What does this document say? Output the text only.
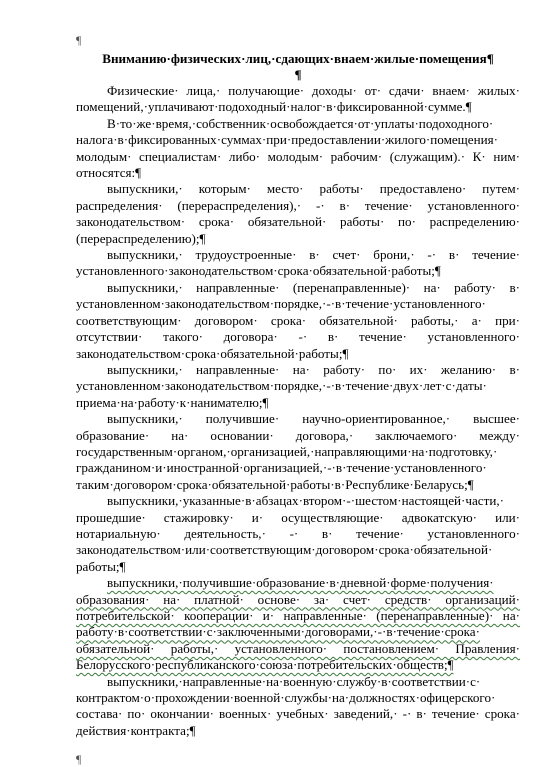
¶

Вниманию·физических·лиц,·сдающих·внаем·жилые·помещения¶

¶

Физические· лица,· получающие· доходы· от· сдачи· внаем· жилых· помещений,·уплачивают·подоходный·налог·в·фиксированной·сумме.¶

В·то·же·время,·собственник·освобождается·от·уплаты·подоходного· налога·в·фиксированных·суммах·при·предоставлении·жилого·помещения· молодым· специалистам· либо· молодым· рабочим· (служащим).· К· ним· относятся:¶

выпускники,· которым· место· работы· предоставлено· путем· распределения· (перераспределения),· -· в· течение· установленного· законодательством· срока· обязательной· работы· по· распределению· (перераспределению);¶

выпускники,· трудоустроенные· в· счет· брони,· -· в· течение· установленного·законодательством·срока·обязательной·работы;¶

выпускники,· направленные· (перенаправленные)· на· работу· в· установленном·законодательством·порядке,·-·в·течение·установленного· соответствующим· договором· срока· обязательной· работы,· а· при· отсутствии· такого· договора· -· в· течение· установленного· законодательством·срока·обязательной·работы;¶

выпускники,· направленные· на· работу· по· их· желанию· в· установленном·законодательством·порядке,·-·в·течение·двух·лет·с·даты· приема·на·работу·к·нанимателю;¶

выпускники,· получившие· научно-ориентированное,· высшее· образование· на· основании· договора,· заключаемого· между· государственным·органом,·организацией,·направляющими·на·подготовку,· гражданином·и·иностранной·организацией,·-·в·течение·установленного· таким·договором·срока·обязательной·работы·в·Республике·Беларусь;¶

выпускники,·указанные·в·абзацах·втором·-·шестом·настоящей·части,· прошедшие· стажировку· и· осуществляющие· адвокатскую· или· нотариальную· деятельность,· -· в· течение· установленного· законодательством·или·соответствующим·договором·срока·обязательной· работы;¶

выпускники,·получившие·образование·в·дневной·форме·получения· образования· на· платной· основе· за· счет· средств· организаций· потребительской· кооперации· и· направленные· (перенаправленные)· на· работу·в·соответствии·с·заключенными·договорами,·-·в·течение·срока· обязательной· работы,· установленного· постановлением· Правления· Белорусского·республиканского·союза·потребительских·обществ;¶

выпускники,·направленные·на·военную·службу·в·соответствии·с· контрактом·о·прохождении·военной·службы·на·должностях·офицерского· состава· по· окончании· военных· учебных· заведений,· -· в· течение· срока· действия·контракта;¶

¶
